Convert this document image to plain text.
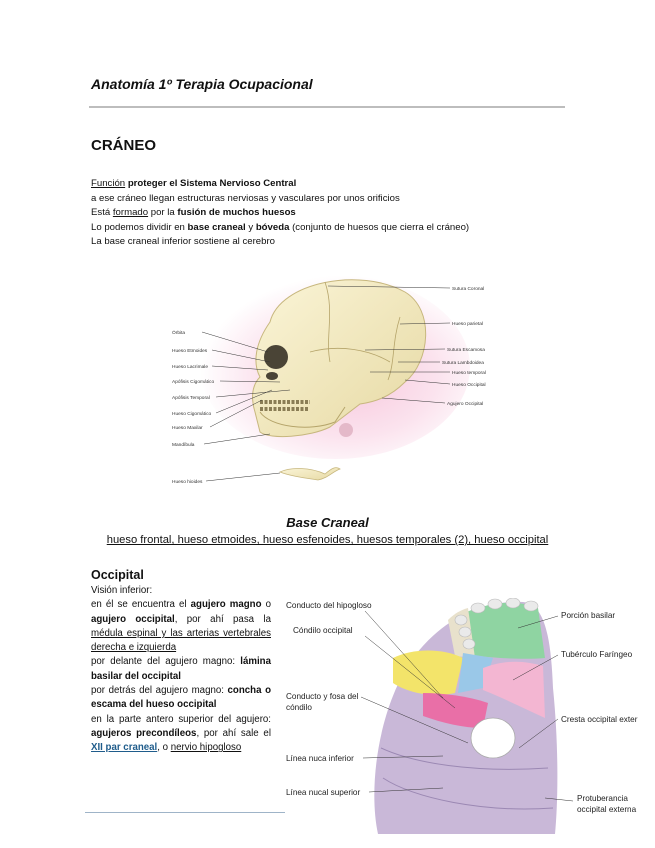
Anatomía 1º Terapia Ocupacional
CRÁNEO

Función proteger el Sistema Nervioso Central

a ese cráneo llegan estructuras nerviosas y vasculares por unos orificios

Está formado por la fusión de muchos huesos

Lo podemos dividir en base craneal y bóveda (conjunto de huesos que cierra el cráneo)

La base craneal inferior sostiene al cerebro

Órbita
Hueso Etmoides
Hueso Lacrimale
Apófisis Cigomático
Apófisis Temporal
Hueso Cigomático
Hueso Maxilar
Mandíbula
Hueso hioides
Sutura Coronal
Hueso parietal
Sutura Escamosa
Sutura Lambdoidea
Hueso temporal
Hueso Occipital
Agujero Occipital
Base Craneal
hueso frontal, hueso etmoides, hueso esfenoides, huesos temporales (2), hueso occipital
Occipital

Visión inferior:

en él se encuentra el agujero magno o agujero occipital, por ahí pasa la médula espinal y las arterias vertebrales derecha e izquierda

por delante del agujero magno: lámina basilar del occipital

por detrás del agujero magno: concha o escama del hueso occipital

en la parte antero superior del agujero: agujeros precondíleos, por ahí sale el XII par craneal, o nervio hipogloso

Conducto del hipogloso
Cóndilo occipital
Conducto y fosa del
cóndilo
Línea nuca inferior
Línea nucal superior
Porción basilar
Tubérculo Faríngeo
Cresta occipital exter
Protuberancia
occipital externa
